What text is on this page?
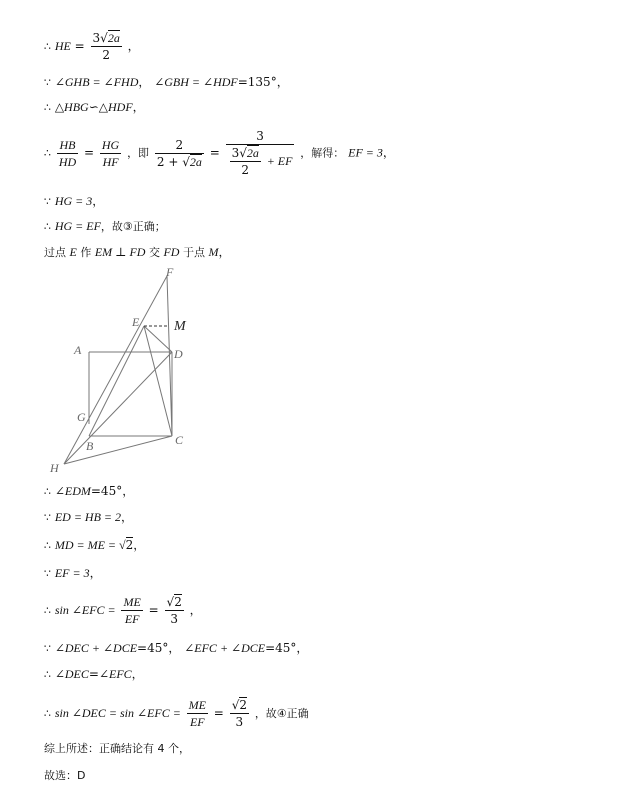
∴ HE = $\frac{3√2a}{2}$ ，
∵ ∠GHB = ∠FHD， ∠GBH = ∠HDF=135°，
∴ △HBG∽△HDF，
∴ $\frac{HB}{HD} = \frac{HG}{HF}$ ，即 $\frac{2}{2 + √2a} = \frac{3}{\frac{3√2a}{2} + EF}$ ，解得： EF = 3，
∵ HG = 3，
∴ HG = EF，故③正确；
过点 E 作 EM ⊥ FD 交 FD 于点 M，
F
E M
A	D
G
B	C
H
∴ ∠EDM=45°，
∵ ED = HB = 2，
∴ MD = ME = √2，
∵ EF = 3，
∴ sin ∠EFC = $\frac{ME}{EF} = \frac{√2}{3}$ ，
∵ ∠DEC + ∠DCE=45°， ∠EFC + ∠DCE=45°，
∴ ∠DEC=∠EFC，
∴ sin ∠DEC = sin ∠EFC = $\frac{ME}{EF} = \frac{√2}{3}$ ，故④正确
综上所述：正确结论有 4 个，
故选：D
